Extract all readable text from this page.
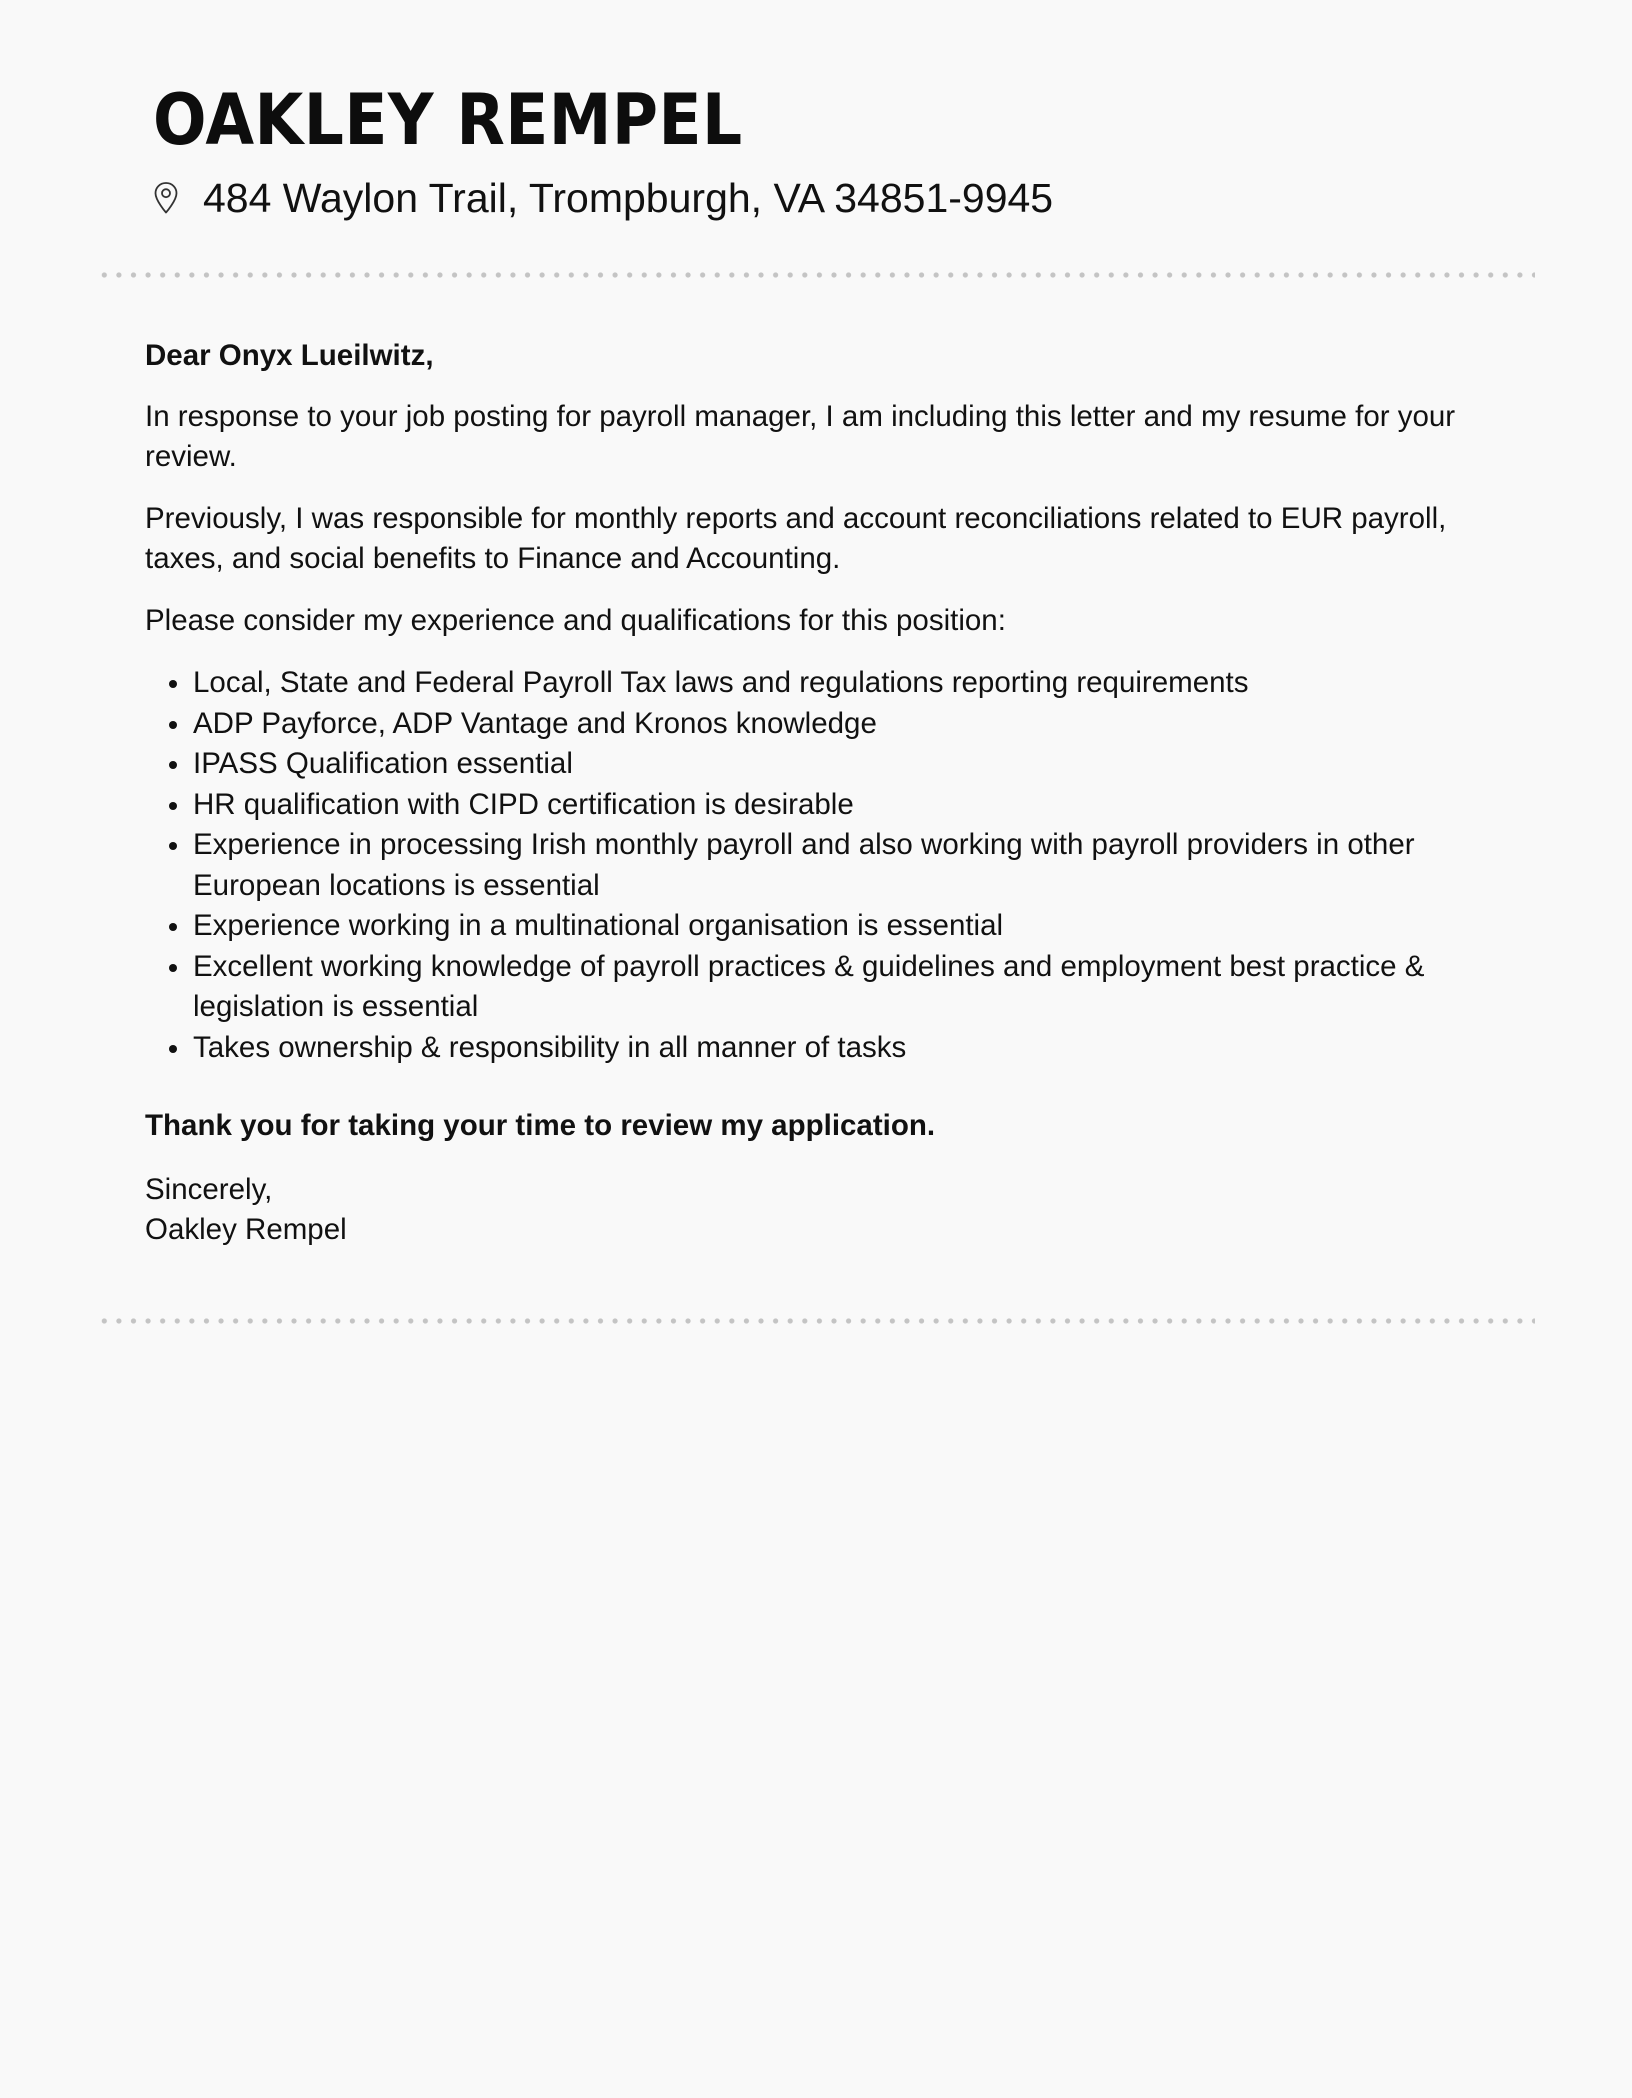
OAKLEY REMPEL
484 Waylon Trail, Trompburgh, VA 34851-9945

Dear Onyx Lueilwitz,

In response to your job posting for payroll manager, I am including this letter and my resume for your review.

Previously, I was responsible for monthly reports and account reconciliations related to EUR payroll, taxes, and social benefits to Finance and Accounting.

Please consider my experience and qualifications for this position:

Local, State and Federal Payroll Tax laws and regulations reporting requirements
ADP Payforce, ADP Vantage and Kronos knowledge
IPASS Qualification essential
HR qualification with CIPD certification is desirable
Experience in processing Irish monthly payroll and also working with payroll providers in other European locations is essential
Experience working in a multinational organisation is essential
Excellent working knowledge of payroll practices & guidelines and employment best practice & legislation is essential
Takes ownership & responsibility in all manner of tasks

Thank you for taking your time to review my application.

Sincerely,
Oakley Rempel
